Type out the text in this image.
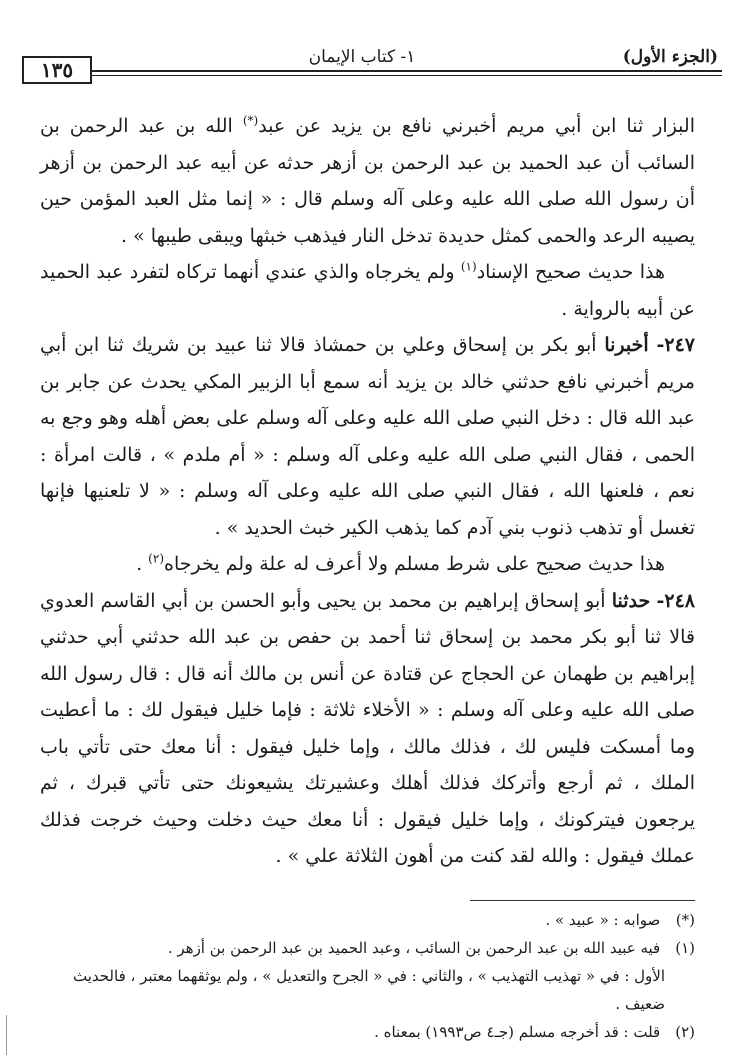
١٣٥
١- كتاب الإيمان	(الجزء الأول)

البزار ثنا ابن أبي مريم أخبرني نافع بن يزيد عن عبد(*) الله بن عبد الرحمن بن السائب أن عبد الحميد بن عبد الرحمن بن أزهر حدثه عن أبيه عبد الرحمن بن أزهر أن رسول الله صلى الله عليه وعلى آله وسلم قال : « إنما مثل العبد المؤمن حين يصيبه الرعد والحمى كمثل حديدة تدخل النار فيذهب خبثها ويبقى طيبها » .

هذا حديث صحيح الإسناد$^{(١)}$ ولم يخرجاه والذي عندي أنهما تركاه لتفرد عبد الحميد عن أبيه بالرواية .

٢٤٧- أخبرنا أبو بكر بن إسحاق وعلي بن حمشاذ قالا ثنا عبيد بن شريك ثنا ابن أبي مريم أخبرني نافع حدثني خالد بن يزيد أنه سمع أبا الزبير المكي يحدث عن جابر بن عبد الله قال : دخل النبي صلى الله عليه وعلى آله وسلم على بعض أهله وهو وجع به الحمى ، فقال النبي صلى الله عليه وعلى آله وسلم : « أم ملدم » ، قالت امرأة : نعم ، فلعنها الله ، فقال النبي صلى الله عليه وعلى آله وسلم : « لا تلعنيها فإنها تغسل أو تذهب ذنوب بني آدم كما يذهب الكير خبث الحديد » .

هذا حديث صحيح على شرط مسلم ولا أعرف له علة ولم يخرجاه$^{(٢)}$ .

٢٤٨- حدثنا أبو إسحاق إبراهيم بن محمد بن يحيى وأبو الحسن بن أبي القاسم العدوي قالا ثنا أبو بكر محمد بن إسحاق ثنا أحمد بن حفص بن عبد الله حدثني أبي حدثني إبراهيم بن طهمان عن الحجاج عن قتادة عن أنس بن مالك أنه قال : قال رسول الله صلى الله عليه وعلى آله وسلم : « الأخلاء ثلاثة : فإما خليل فيقول لك : ما أعطيت وما أمسكت فليس لك ، فذلك مالك ، وإما خليل فيقول : أنا معك حتى تأتي باب الملك ، ثم أرجع وأتركك فذلك أهلك وعشيرتك يشيعونك حتى تأتي قبرك ، ثم يرجعون فيتركونك ، وإما خليل فيقول : أنا معك حيث دخلت وحيث خرجت فذلك عملك فيقول : والله لقد كنت من أهون الثلاثة علي » .

(*) صوابه : « عبيد » .

(١) فيه عبيد الله بن عبد الرحمن بن السائب ، وعبد الحميد بن عبد الرحمن بن أزهر .

الأول : في « تهذيب التهذيب » ، والثاني : في « الجرح والتعديل » ، ولم يوثقهما معتبر ، فالحديث ضعيف .

(٢) قلت : قد أخرجه مسلم (جـ٤ ص١٩٩٣) بمعناه .
